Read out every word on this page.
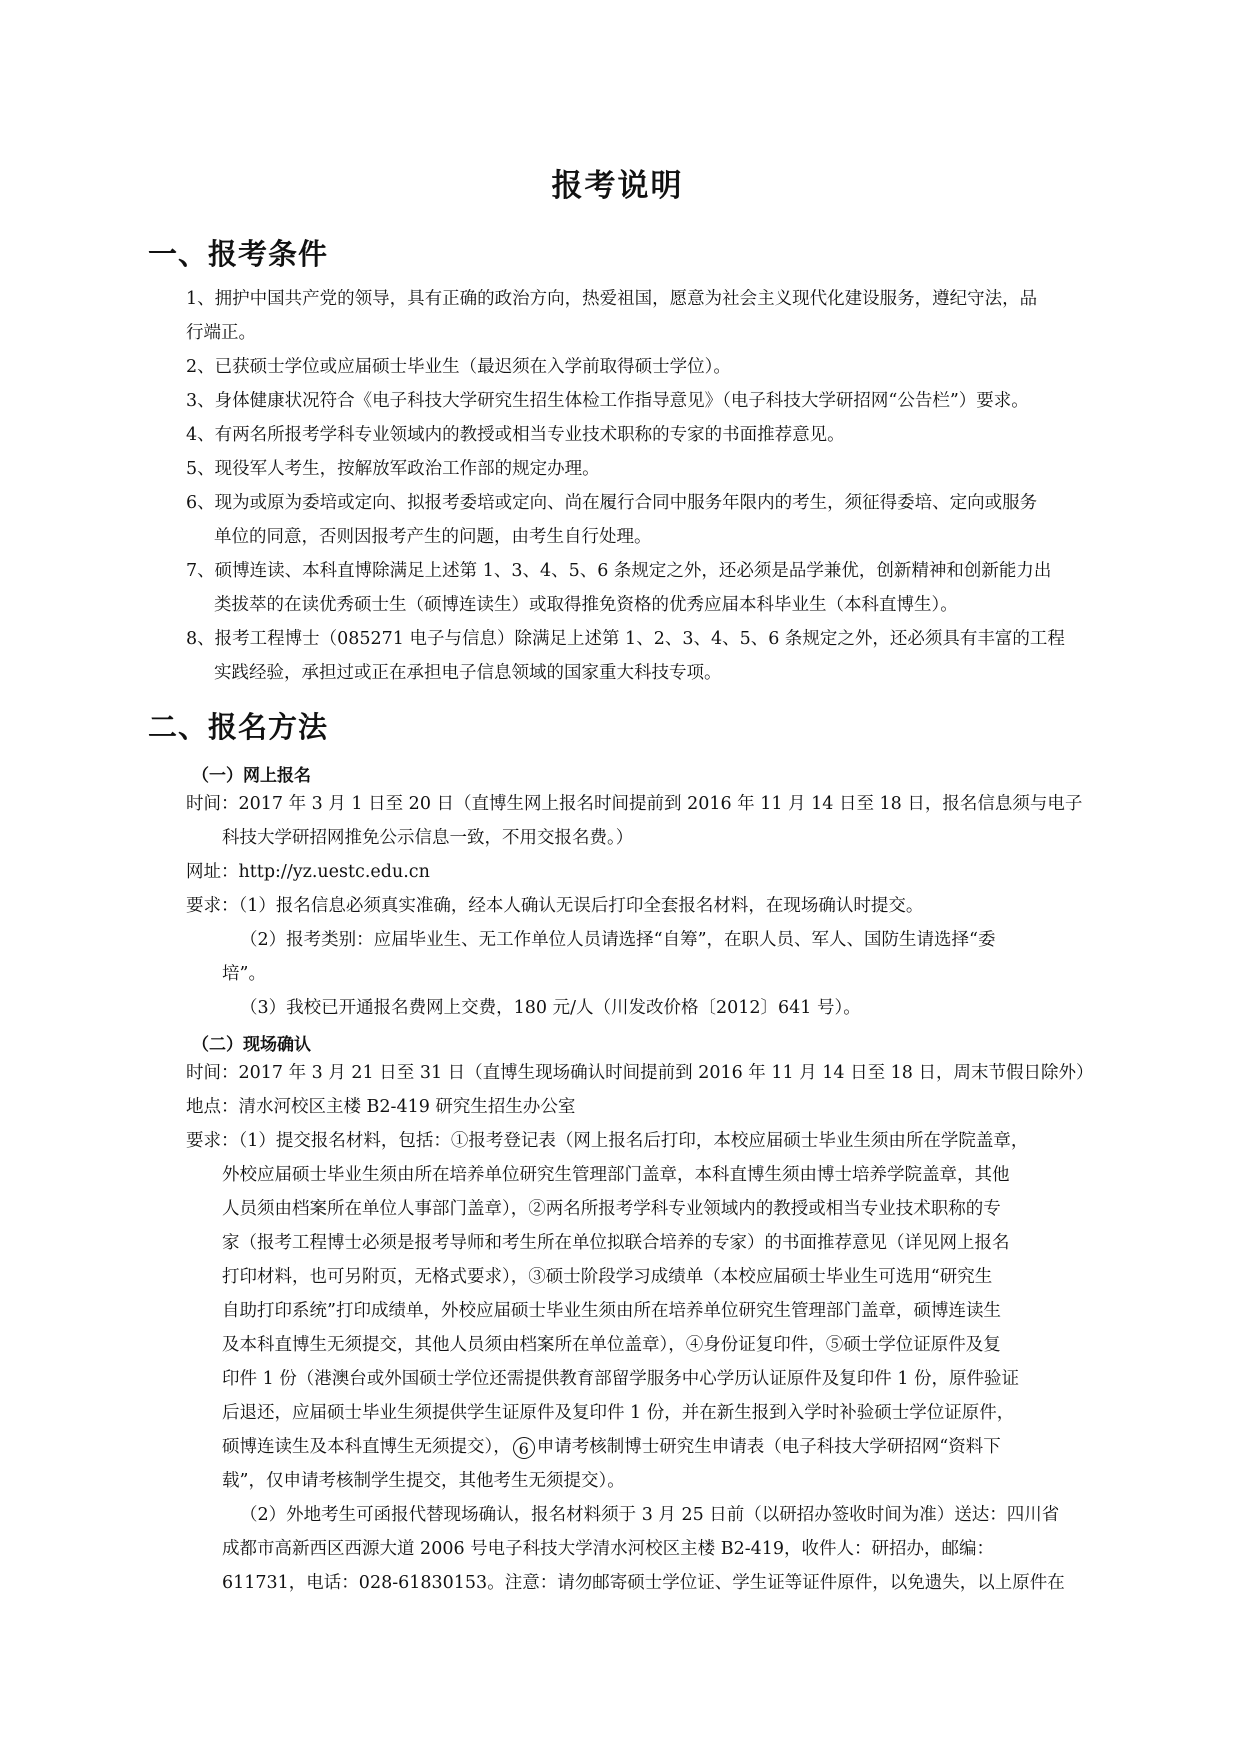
报考说明
一、报考条件
1、拥护中国共产党的领导，具有正确的政治方向，热爱祖国，愿意为社会主义现代化建设服务，遵纪守法，品
行端正。
2、已获硕士学位或应届硕士毕业生（最迟须在入学前取得硕士学位）。
3、身体健康状况符合《电子科技大学研究生招生体检工作指导意见》（电子科技大学研招网“公告栏”）要求。
4、有两名所报考学科专业领域内的教授或相当专业技术职称的专家的书面推荐意见。
5、现役军人考生，按解放军政治工作部的规定办理。
6、现为或原为委培或定向、拟报考委培或定向、尚在履行合同中服务年限内的考生，须征得委培、定向或服务
单位的同意，否则因报考产生的问题，由考生自行处理。
7、硕博连读、本科直博除满足上述第 1、3、4、5、6 条规定之外，还必须是品学兼优，创新精神和创新能力出
类拔萃的在读优秀硕士生（硕博连读生）或取得推免资格的优秀应届本科毕业生（本科直博生）。
8、报考工程博士（085271 电子与信息）除满足上述第 1、2、3、4、5、6 条规定之外，还必须具有丰富的工程
实践经验，承担过或正在承担电子信息领域的国家重大科技专项。
二、报名方法
（一）网上报名
时间：2017 年 3 月 1 日至 20 日（直博生网上报名时间提前到 2016 年 11 月 14 日至 18 日，报名信息须与电子
科技大学研招网推免公示信息一致，不用交报名费。）
网址：http://yz.uestc.edu.cn
要求：（1）报名信息必须真实准确，经本人确认无误后打印全套报名材料，在现场确认时提交。
（2）报考类别：应届毕业生、无工作单位人员请选择“自筹”，在职人员、军人、国防生请选择“委
培”。
（3）我校已开通报名费网上交费，180 元/人（川发改价格〔2012〕641 号）。
（二）现场确认
时间：2017 年 3 月 21 日至 31 日（直博生现场确认时间提前到 2016 年 11 月 14 日至 18 日，周末节假日除外）
地点：清水河校区主楼 B2-419 研究生招生办公室
要求：（1）提交报名材料，包括：①报考登记表（网上报名后打印，本校应届硕士毕业生须由所在学院盖章，
外校应届硕士毕业生须由所在培养单位研究生管理部门盖章，本科直博生须由博士培养学院盖章，其他
人员须由档案所在单位人事部门盖章），②两名所报考学科专业领域内的教授或相当专业技术职称的专
家（报考工程博士必须是报考导师和考生所在单位拟联合培养的专家）的书面推荐意见（详见网上报名
打印材料，也可另附页，无格式要求），③硕士阶段学习成绩单（本校应届硕士毕业生可选用“研究生
自助打印系统”打印成绩单，外校应届硕士毕业生须由所在培养单位研究生管理部门盖章，硕博连读生
及本科直博生无须提交，其他人员须由档案所在单位盖章），④身份证复印件，⑤硕士学位证原件及复
印件 1 份（港澳台或外国硕士学位还需提供教育部留学服务中心学历认证原件及复印件 1 份，原件验证
后退还，应届硕士毕业生须提供学生证原件及复印件 1 份，并在新生报到入学时补验硕士学位证原件，
硕博连读生及本科直博生无须提交）， 6 申请考核制博士研究生申请表（电子科技大学研招网“资料下
载”，仅申请考核制学生提交，其他考生无须提交）。
（2）外地考生可函报代替现场确认，报名材料须于 3 月 25 日前（以研招办签收时间为准）送达：四川省
成都市高新西区西源大道 2006 号电子科技大学清水河校区主楼 B2-419，收件人：研招办，邮编：
611731，电话：028-61830153。注意：请勿邮寄硕士学位证、学生证等证件原件，以免遗失，以上原件在
